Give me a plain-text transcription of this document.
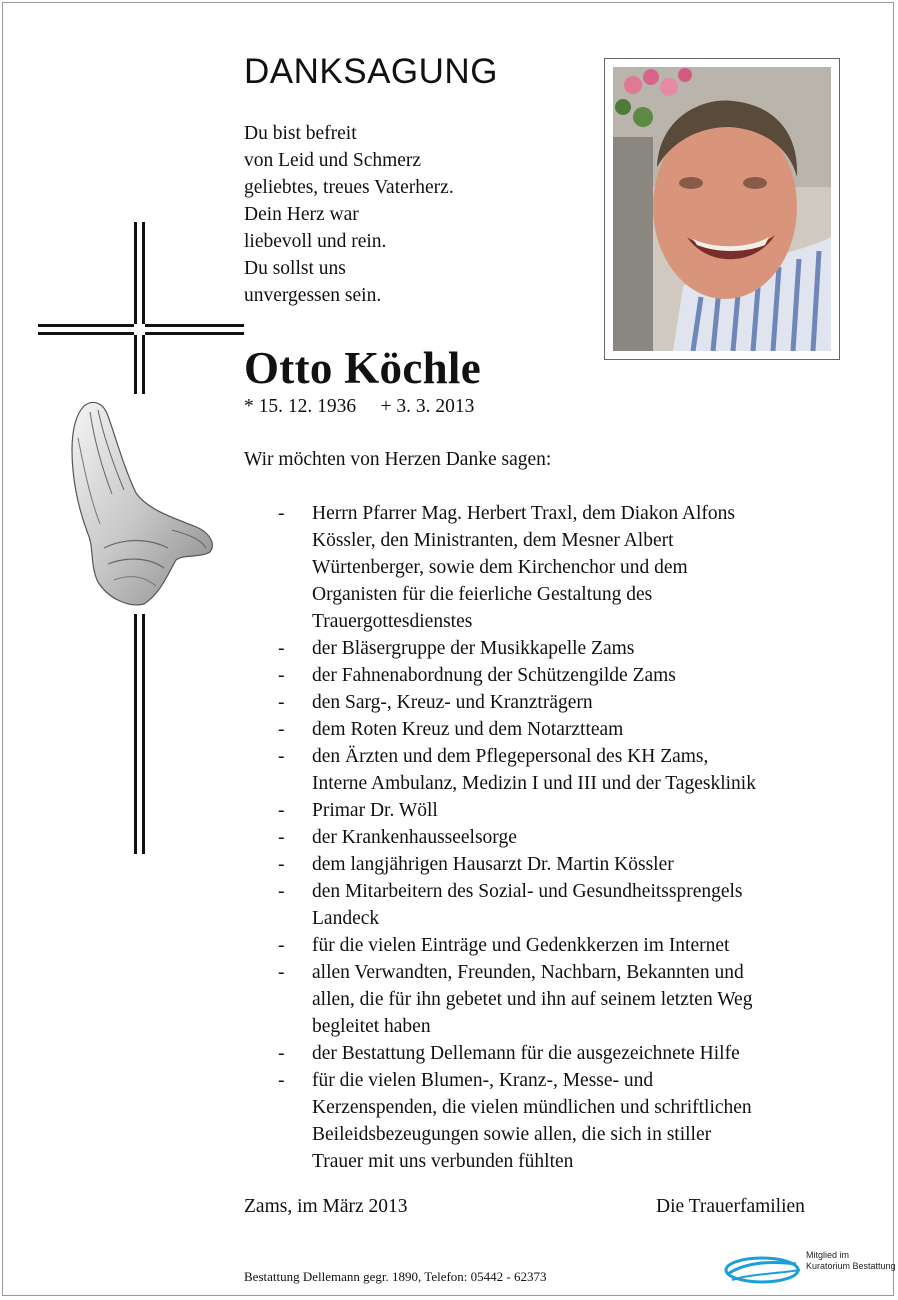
DANKSAGUNG
Du bist befreit
von Leid und Schmerz
geliebtes, treues Vaterherz.
Dein Herz war
liebevoll und rein.
Du sollst uns
unvergessen sein.
Otto Köchle
* 15. 12. 1936     + 3. 3. 2013
Wir möchten von Herzen Danke sagen:
- Herrn Pfarrer Mag. Herbert Traxl, dem Diakon Alfons
Kössler, den Ministranten, dem Mesner Albert
Würtenberger, sowie dem Kirchenchor und dem
Organisten für die feierliche Gestaltung des
Trauergottesdienstes
- der Bläsergruppe der Musikkapelle Zams
- der Fahnenabordnung der Schützengilde Zams
- den Sarg-, Kreuz- und Kranzträgern
- dem Roten Kreuz und dem Notarztteam
- den Ärzten und dem Pflegepersonal des KH Zams,
Interne Ambulanz, Medizin I und III und der Tagesklinik
- Primar Dr. Wöll
- der Krankenhausseelsorge
- dem langjährigen Hausarzt Dr. Martin Kössler
- den Mitarbeitern des Sozial- und Gesundheitssprengels
Landeck
- für die vielen Einträge und Gedenkkerzen im Internet
- allen Verwandten, Freunden, Nachbarn, Bekannten und
allen, die für ihn gebetet und ihn auf seinem letzten Weg
begleitet haben
- der Bestattung Dellemann für die ausgezeichnete Hilfe
- für die vielen Blumen-, Kranz-, Messe- und
Kerzenspenden, die vielen mündlichen und schriftlichen
Beileidsbezeugungen sowie allen, die sich in stiller
Trauer mit uns verbunden fühlten
Zams, im März 2013	Die Trauerfamilien
Bestattung Dellemann gegr. 1890, Telefon: 05442 - 62373
Mitglied im
Kuratorium Bestattung
